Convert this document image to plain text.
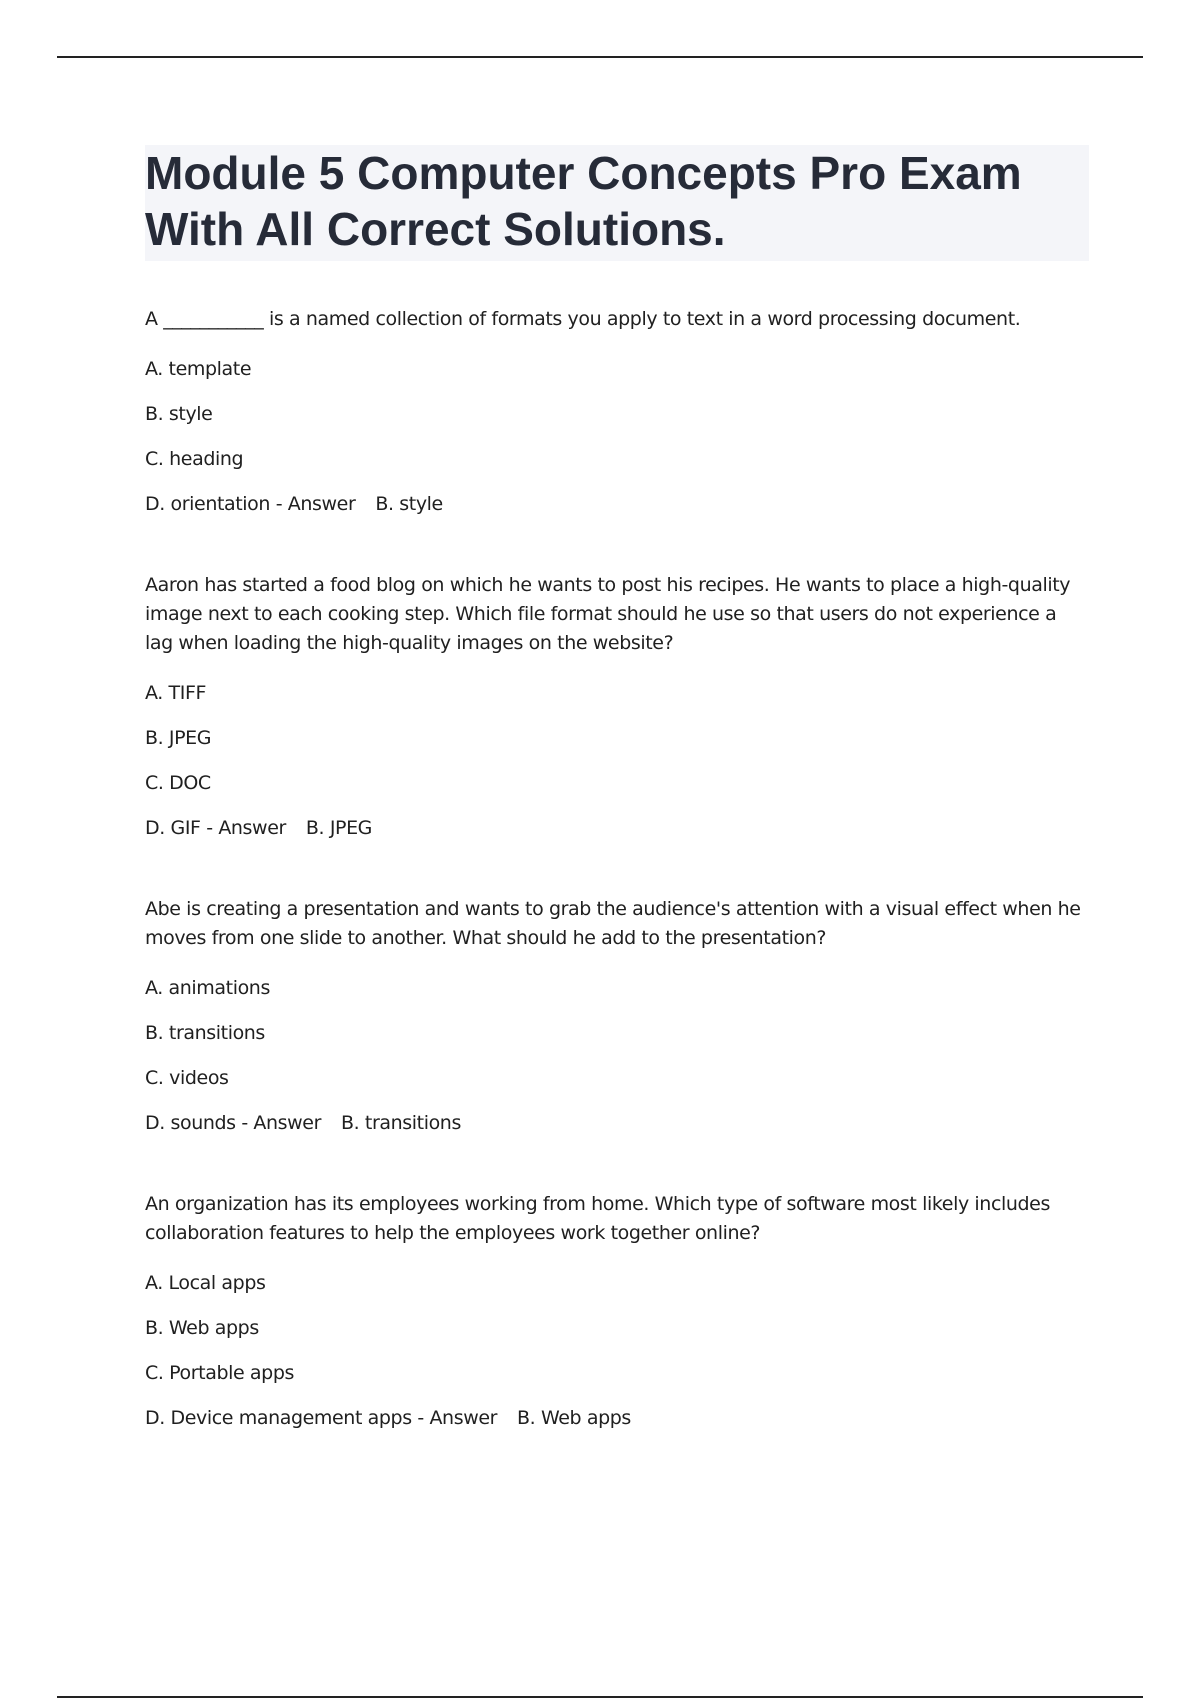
Module 5 Computer Concepts Pro Exam With All Correct Solutions.

A ___________ is a named collection of formats you apply to text in a word processing document.

A. template

B. style

C. heading

D. orientation - Answer B. style

Aaron has started a food blog on which he wants to post his recipes. He wants to place a high-quality image next to each cooking step. Which file format should he use so that users do not experience a lag when loading the high-quality images on the website?

A. TIFF

B. JPEG

C. DOC

D. GIF - Answer B. JPEG

Abe is creating a presentation and wants to grab the audience's attention with a visual effect when he moves from one slide to another. What should he add to the presentation?

A. animations

B. transitions

C. videos

D. sounds - Answer B. transitions

An organization has its employees working from home. Which type of software most likely includes collaboration features to help the employees work together online?

A. Local apps

B. Web apps

C. Portable apps

D. Device management apps - Answer B. Web apps
